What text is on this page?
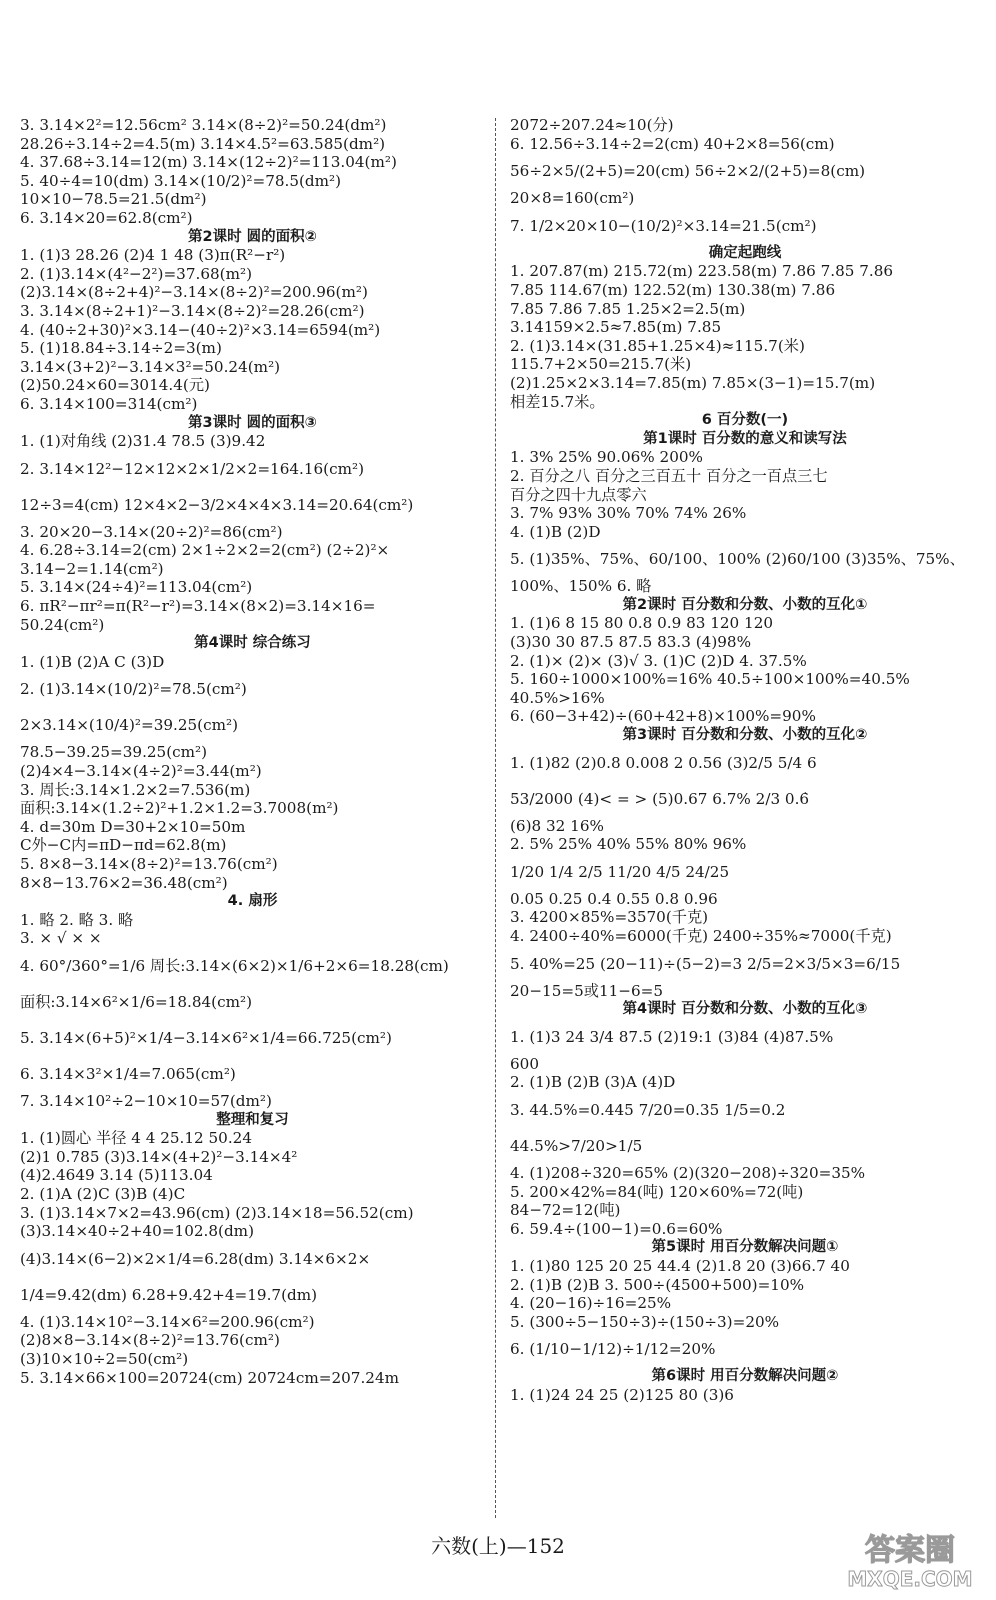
3. 3.14×2²=12.56cm² 3.14×(8÷2)²=50.24(dm²)
28.26÷3.14÷2=4.5(m) 3.14×4.5²=63.585(dm²)
4. 37.68÷3.14=12(m) 3.14×(12÷2)²=113.04(m²)
5. 40÷4=10(dm) 3.14×(10/2)²=78.5(dm²)
10×10−78.5=21.5(dm²)
6. 3.14×20=62.8(cm²)
第2课时 圆的面积②
1. (1)3 28.26 (2)4 1 48 (3)π(R²−r²)
2. (1)3.14×(4²−2²)=37.68(m²)
(2)3.14×(8÷2+4)²−3.14×(8÷2)²=200.96(m²)
3. 3.14×(8÷2+1)²−3.14×(8÷2)²=28.26(cm²)
4. (40÷2+30)²×3.14−(40÷2)²×3.14=6594(m²)
5. (1)18.84÷3.14÷2=3(m)
3.14×(3+2)²−3.14×3²=50.24(m²)
(2)50.24×60=3014.4(元)
6. 3.14×100=314(cm²)
第3课时 圆的面积③
1. (1)对角线 (2)31.4 78.5 (3)9.42
2. 3.14×12²−12×12×2×1/2×2=164.16(cm²)
12÷3=4(cm) 12×4×2−3/2×4×4×3.14=20.64(cm²)
3. 20×20−3.14×(20÷2)²=86(cm²)
4. 6.28÷3.14=2(cm) 2×1÷2×2=2(cm²) (2÷2)²×
3.14−2=1.14(cm²)
5. 3.14×(24÷4)²=113.04(cm²)
6. πR²−πr²=π(R²−r²)=3.14×(8×2)=3.14×16=
50.24(cm²)
第4课时 综合练习
1. (1)B (2)A C (3)D
2. (1)3.14×(10/2)²=78.5(cm²)
2×3.14×(10/4)²=39.25(cm²)
78.5−39.25=39.25(cm²)
(2)4×4−3.14×(4÷2)²=3.44(m²)
3. 周长:3.14×1.2×2=7.536(m)
面积:3.14×(1.2÷2)²+1.2×1.2=3.7008(m²)
4. d=30m D=30+2×10=50m
C外−C内=πD−πd=62.8(m)
5. 8×8−3.14×(8÷2)²=13.76(cm²)
8×8−13.76×2=36.48(cm²)
4. 扇形
1. 略 2. 略 3. 略
3. × √ × ×
4. 60°/360°=1/6 周长:3.14×(6×2)×1/6+2×6=18.28(cm)
面积:3.14×6²×1/6=18.84(cm²)
5. 3.14×(6+5)²×1/4−3.14×6²×1/4=66.725(cm²)
6. 3.14×3²×1/4=7.065(cm²)
7. 3.14×10²÷2−10×10=57(dm²)
整理和复习
1. (1)圆心 半径 4 4 25.12 50.24
(2)1 0.785 (3)3.14×(4+2)²−3.14×4²
(4)2.4649 3.14 (5)113.04
2. (1)A (2)C (3)B (4)C
3. (1)3.14×7×2=43.96(cm) (2)3.14×18=56.52(cm)
(3)3.14×40÷2+40=102.8(dm)
(4)3.14×(6−2)×2×1/4=6.28(dm) 3.14×6×2×
1/4=9.42(dm) 6.28+9.42+4=19.7(dm)
4. (1)3.14×10²−3.14×6²=200.96(cm²)
(2)8×8−3.14×(8÷2)²=13.76(cm²)
(3)10×10÷2=50(cm²)
5. 3.14×66×100=20724(cm) 20724cm=207.24m
2072÷207.24≈10(分)
6. 12.56÷3.14÷2=2(cm) 40+2×8=56(cm)
56÷2×5/(2+5)=20(cm) 56÷2×2/(2+5)=8(cm)
20×8=160(cm²)
7. 1/2×20×10−(10/2)²×3.14=21.5(cm²)
确定起跑线
1. 207.87(m) 215.72(m) 223.58(m) 7.86 7.85 7.86
7.85 114.67(m) 122.52(m) 130.38(m) 7.86
7.85 7.86 7.85 1.25×2=2.5(m)
3.14159×2.5≈7.85(m) 7.85
2. (1)3.14×(31.85+1.25×4)≈115.7(米)
115.7+2×50=215.7(米)
(2)1.25×2×3.14=7.85(m) 7.85×(3−1)=15.7(m)
相差15.7米。
6 百分数(一)
第1课时 百分数的意义和读写法
1. 3% 25% 90.06% 200%
2. 百分之八 百分之三百五十 百分之一百点三七
百分之四十九点零六
3. 7% 93% 30% 70% 74% 26%
4. (1)B (2)D
5. (1)35%、75%、60/100、100% (2)60/100 (3)35%、75%、
100%、150% 6. 略
第2课时 百分数和分数、小数的互化①
1. (1)6 8 15 80 0.8 0.9 83 120 120
(3)30 30 87.5 87.5 83.3 (4)98%
2. (1)× (2)× (3)√ 3. (1)C (2)D 4. 37.5%
5. 160÷1000×100%=16% 40.5÷100×100%=40.5%
40.5%>16%
6. (60−3+42)÷(60+42+8)×100%=90%
第3课时 百分数和分数、小数的互化②
1. (1)82 (2)0.8 0.008 2 0.56 (3)2/5 5/4 6
53/2000 (4)< = > (5)0.67 6.7% 2/3 0.6̇
(6)8 32 16%
2. 5% 25% 40% 55% 80% 96%
1/20 1/4 2/5 11/20 4/5 24/25
0.05 0.25 0.4 0.55 0.8 0.96
3. 4200×85%=3570(千克)
4. 2400÷40%=6000(千克) 2400÷35%≈7000(千克)
5. 40%=25 (20−11)÷(5−2)=3 2/5=2×3/5×3=6/15
20−15=5或11−6=5
第4课时 百分数和分数、小数的互化③
1. (1)3 24 3/4 87.5 (2)19:1 (3)84 (4)87.5%
600
2. (1)B (2)B (3)A (4)D
3. 44.5%=0.445 7/20=0.35 1/5=0.2
44.5%>7/20>1/5
4. (1)208÷320=65% (2)(320−208)÷320=35%
5. 200×42%=84(吨) 120×60%=72(吨)
84−72=12(吨)
6. 59.4÷(100−1)=0.6=60%
第5课时 用百分数解决问题①
1. (1)80 125 20 25 44.4 (2)1.8 20 (3)66.7 40
2. (1)B (2)B 3. 500÷(4500+500)=10%
4. (20−16)÷16=25%
5. (300÷5−150÷3)÷(150÷3)=20%
6. (1/10−1/12)÷1/12=20%
第6课时 用百分数解决问题②
1. (1)24 24 25 (2)125 80 (3)6
六数(上)—152	答案圈
MXQE.COM
